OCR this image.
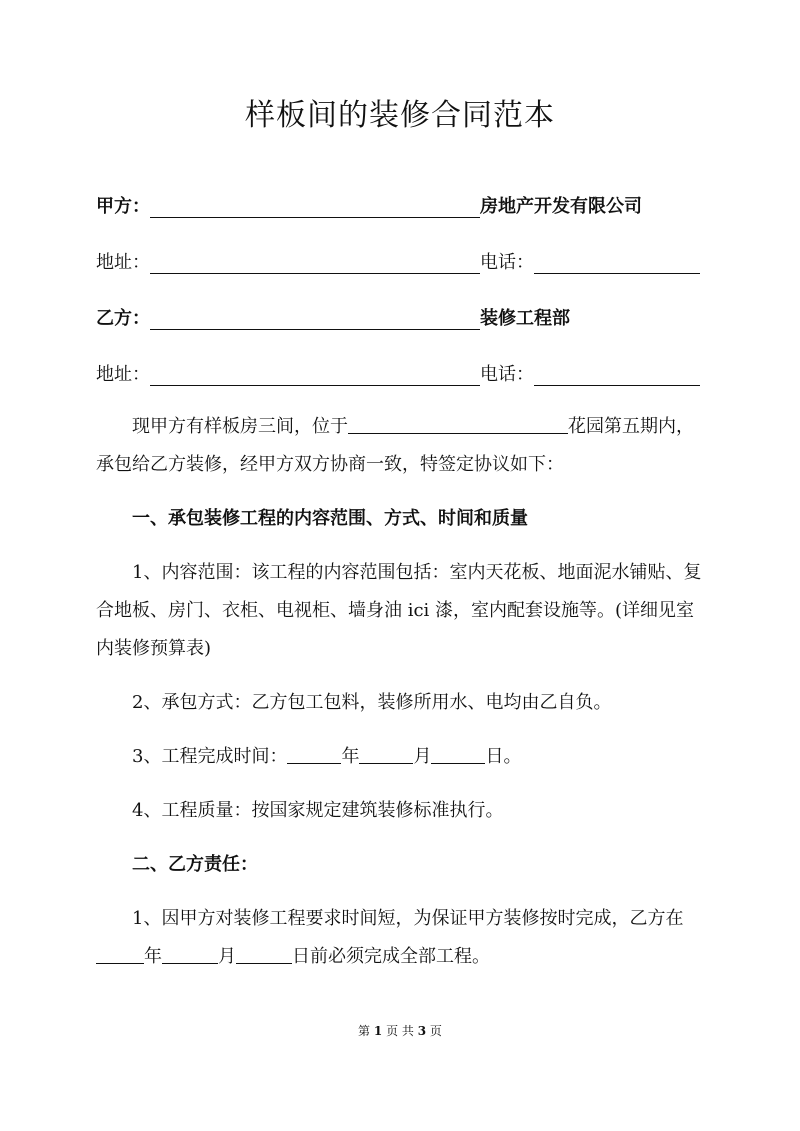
样板间的装修合同范本
甲方：	房地产开发有限公司
地址：	电话：
乙方：	装修工程部
地址：	电话：

现甲方有样板房三间，位于	花园第五期内，承包给乙方装修，经甲方双方协商一致，特签定协议如下：

一、承包装修工程的内容范围、方式、时间和质量

1、内容范围：该工程的内容范围包括：室内天花板、地面泥水铺贴、复合地板、房门、衣柜、电视柜、墙身油 ici 漆，室内配套设施等。(详细见室内装修预算表)

2、承包方式：乙方包工包料，装修所用水、电均由乙自负。

3、工程完成时间：	年	月	日。

4、工程质量：按国家规定建筑装修标准执行。

二、乙方责任：

1、因甲方对装修工程要求时间短，为保证甲方装修按时完成，乙方在年	月	日前必须完成全部工程。

第 1 页 共 3 页
